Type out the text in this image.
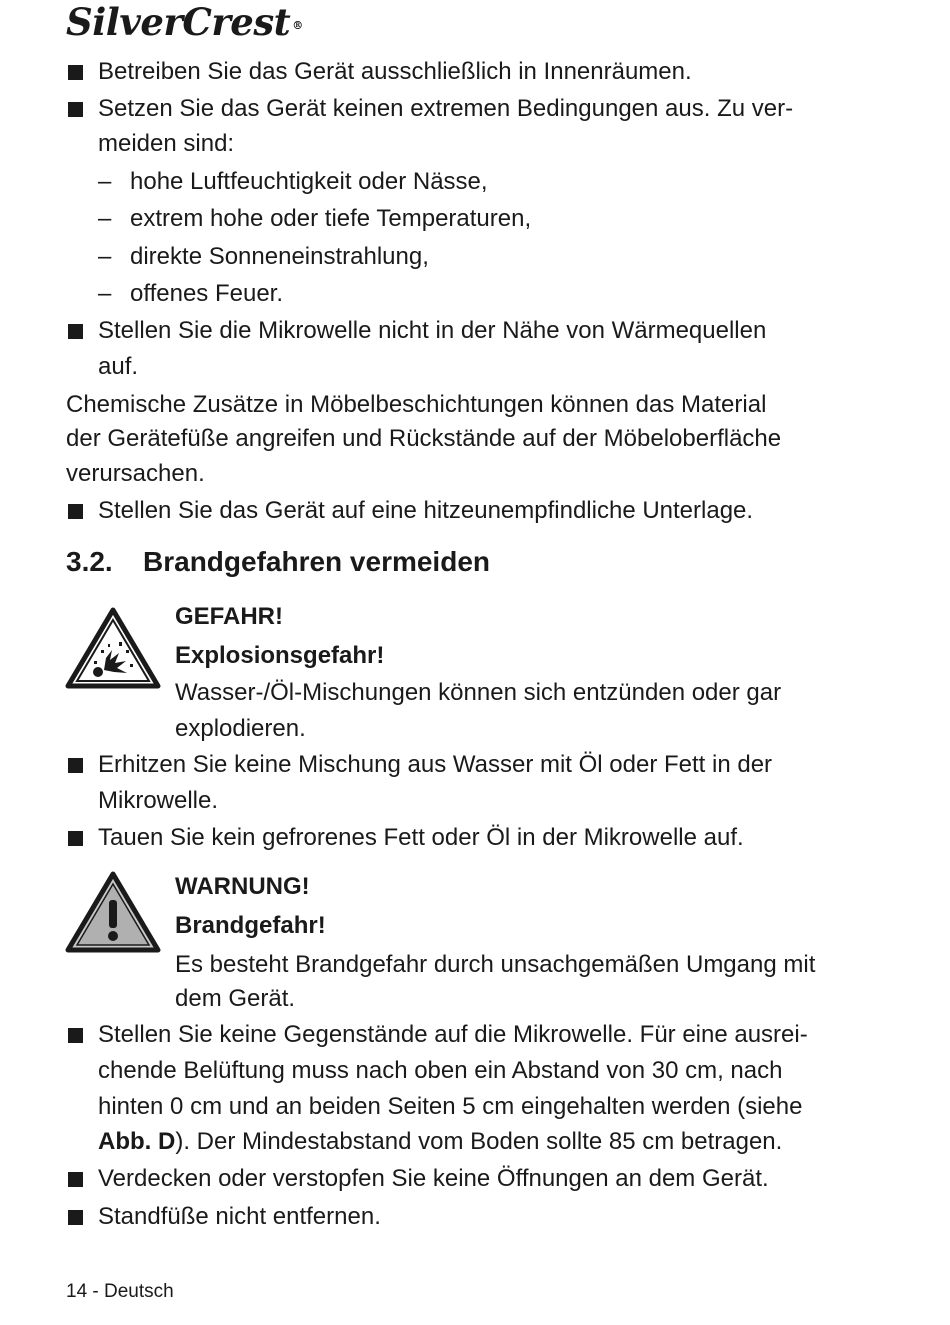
SilverCrest ®
Betreiben Sie das Gerät ausschließlich in Innenräumen.
Setzen Sie das Gerät keinen extremen Bedingungen aus. Zu ver-
meiden sind:
– hohe Luftfeuchtigkeit oder Nässe,
– extrem hohe oder tiefe Temperaturen,
– direkte Sonneneinstrahlung,
– offenes Feuer.
Stellen Sie die Mikrowelle nicht in der Nähe von Wärmequellen
auf.
Chemische Zusätze in Möbelbeschichtungen können das Material
der Gerätefüße angreifen und Rückstände auf der Möbeloberfläche
verursachen.
Stellen Sie das Gerät auf eine hitzeunempfindliche Unterlage.
3.2. Brandgefahren vermeiden
GEFAHR!
Explosionsgefahr!
Wasser-/Öl-Mischungen können sich entzünden oder gar
explodieren.
Erhitzen Sie keine Mischung aus Wasser mit Öl oder Fett in der
Mikrowelle.
Tauen Sie kein gefrorenes Fett oder Öl in der Mikrowelle auf.
WARNUNG!
Brandgefahr!
Es besteht Brandgefahr durch unsachgemäßen Umgang mit
dem Gerät.
Stellen Sie keine Gegenstände auf die Mikrowelle. Für eine ausrei-
chende Belüftung muss nach oben ein Abstand von 30 cm, nach
hinten 0 cm und an beiden Seiten 5 cm eingehalten werden (siehe
Abb. D). Der Mindestabstand vom Boden sollte 85 cm betragen.
Verdecken oder verstopfen Sie keine Öffnungen an dem Gerät.
Standfüße nicht entfernen.
14 - Deutsch
